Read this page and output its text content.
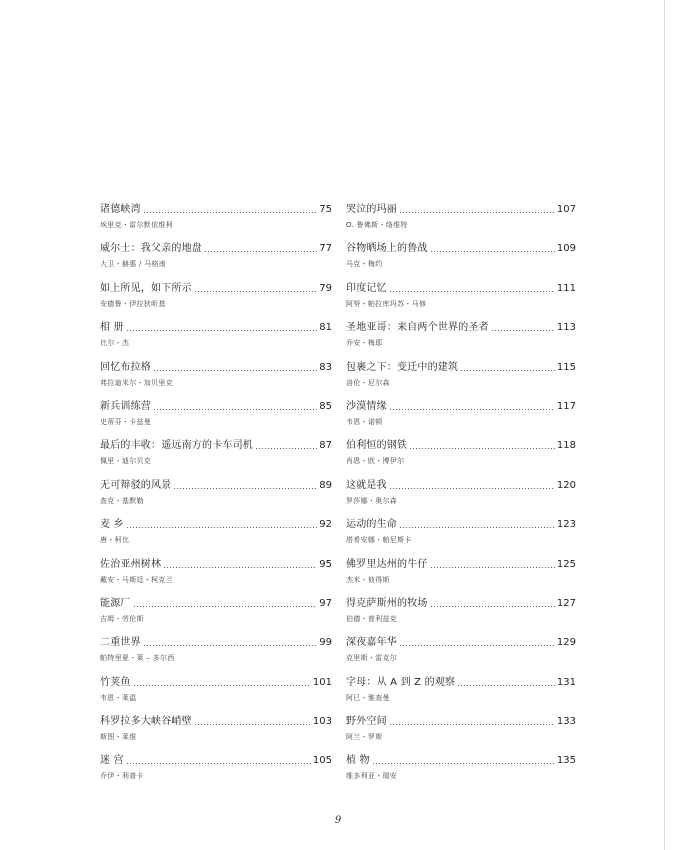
诸德峡湾	75
埃里克・雷尔默依维柯
威尔士：我父亲的地盘	77
大卫・赫惠 / 马格南
如上所见，如下所示	79
安德鲁・伊拉狄昕基
相 册	81
比尔・杰
回忆布拉格	83
弗拉迪米尔・加贝里克
新兵训练营	85
史蒂芬・卡兹曼
最后的丰收：遥远南方的卡车司机	87
佩里・迪尔贝克
无可辩驳的风景	89
查克・基默勒
麦 乡	92
唐・柯比
佐治亚州树林	95
戴安・马斯廷・柯克兰
能源厂	97
吉姆・劳伦斯
二重世界	99
帕特里夏・莱 – 多尔西
竹荚鱼	101
韦恩・莱温
科罗拉多大峡谷峭壁	103
斯图・莱维
迷 宫	105
乔伊・利普卡
哭泣的玛丽	107
O. 鲁佛斯・络维特
谷物晒场上的鲁战	109
马克・梅约
印度记忆	111
阿努・帕拉库玛苏・马修
圣地亚哥：来自两个世界的圣者	113
乔安・梅耶
包裹之下：变迁中的建筑	115
洛伦・尼尔森
沙漠情缘	117
韦恩・诺顿
伯利恒的钢铁	118
肖恩・欧・博伊尔
这就是我	120
罗莎娜・奥尔森
运动的生命	123
塔希安娜・帕尼斯卡
佛罗里达州的牛仔	125
杰米・彼得斯
得克萨斯州的牧场	127
伯德・普利兹克
深夜嘉年华	129
克里斯・雷克尔
字母：从 A 到 Z 的观察	131
阿巳・雅查曼
野外空间	133
阿兰・罗斯
植 物	135
维多利亚・瑞安
9
